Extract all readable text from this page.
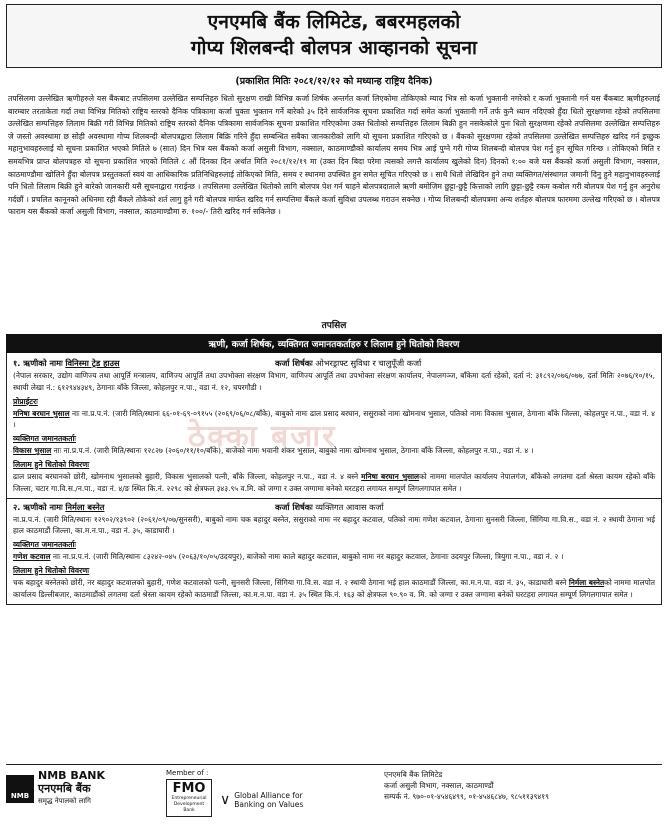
एनएमबि बैंक लिमिटेड, बबरमहलको
गोप्य शिलबन्दी बोलपत्र आव्हानको सूचना
(प्रकाशित मितिः २०८१/१२/१२ को मध्यान्ह राष्ट्रिय दैनिक)
तपसिलमा उल्लेखित ऋणीहरुले यस बैंकबाट तपसिलमा उल्लेखित सम्पत्तिहरु धितो सुरक्षण राखी विभिन्न कर्जा शिर्षक अन्तर्गत कर्जा लिएकोमा तोकिएको म्याद भित्र सो कर्जा भुक्तानी नगरेको र कर्जा भुक्तानी गर्न यस बैंकबाट ऋणीहरुलाई बारम्बार तरताकेता गर्दा तथा विभिन्न मितिको राष्ट्रिय स्तरको दैनिक पत्रिकामा कर्जा चुक्ता भुक्तान गर्ने बारेको ३५ दिने सार्वजनिक सूचना प्रकाशित गर्दा समेत कर्जा भुक्तानी गर्ने तर्फ कुनै ध्यान नदिएको हुँदा धितो सुरक्षणमा रहेको तपसिलमा उल्लेखित सम्पत्तिहरु लिलाम बिक्री गरी विभिन्न मितिको राष्ट्रिय स्तरको दैनिक पत्रिकामा सार्वजनिक सूचना प्रकाशित गरिएकोमा उक्त धितोको सम्पत्तिहरु लिलाम बिक्री हुन नसकेकोले पुनः धितो सुरक्षणमा रहेको तपसिलमा उल्लेखित सम्पत्तिहरु जे जस्तो अवस्थामा छ सोही अवस्थामा गोप्य शिलबन्दी बोलपत्रद्वारा लिलाम बिक्रि गरिने हुँदा सम्बन्धित सबैका जानकारीको लागि यो सूचना प्रकाशित गरिएको छ । बैंकको सुरक्षणमा रहेको तपसिलमा उल्लेखित सम्पत्तिहरु खरिद गर्न इच्छुक महानुभावहरुलाई यो सूचना प्रकाशित भएको मितिले ७ (सात) दिन भित्र यस बैंकको कर्जा असुली विभाग, नक्साल, काठमाण्डौको कार्यालय समय भित्र आई पुग्ने गरी गोप्य शिलबन्दी बोलपत्र पेश गर्नु हुन सूचित गरिन्छ । तोकिएको मिति र समयभित्र प्राप्त बोलपत्रहरु यो सूचना प्रकाशित भएको मितिले ८ औं दिनका दिन अर्थात मिति २०८१/१२/१९ मा (उक्त दिन बिदा परेमा त्यसको लगत्तै कार्यालय खुलेको दिन) दिनको १:०० बजे यस बैंकको कर्जा असुली विभाग, नक्साल, काठमाण्डौमा खोलिने हुँदा बोलपत्र प्रस्तुतकर्ता स्वयं वा आधिकारिक प्रतिनिधिहरुलाई तोकिएको मिति, समय र स्थानमा उपस्थित हुन समेत सूचित गरिएको छ । साथै धितो लेखिदिन हुने तथा व्यक्तिगत/संस्थागत जमानी दिनु हुने महानुभावहरुलाई पनि धितो लिलाम बिक्री हुने बारेको जानकारी यसै सूचनाद्वारा गराईन्छ । तपसिलमा उल्लेखित धितोको लागि बोलपत्र पेश गर्न चाहने बोलपत्रदाताले ऋणी बमोजिम छुट्टा-छुट्टै कित्ताको लागि छुट्टा-छुट्टै रकम कबोल गरी बोलपत्र पेश गर्नु हुन अनुरोध गर्दछौं । प्रचलित कानूनको अधिनमा रही बैंकले तोकेको शर्त लागु हुने गरी बोलपत्र मार्फत खरिद गर्न सम्पत्तिमा बैंकले कर्जा सुविधा उपलब्ध गराउन सक्नेछ । गोप्य शिलबन्दी बोलपत्रमा अन्य शर्तहरु बोलपत्र फारममा उल्लेख गरिएको छ । बोलपत्र फाराम यस बैंकको कर्जा असुली विभाग, नक्साल, काठमाण्डौमा रु. १००/- तिरी खरिद गर्न सकिनेछ ।
तपसिल
ऋणी, कर्जा शिर्षक, व्यक्तिगत जमानतकर्ताहरु र लिलाम हुने धितोको विवरण
१. ऋणीको नामः विनिस्मा ट्रेड हाउस	कर्जा शिर्षकः ओभरड्राफ्ट सुविधा र चालुपूँजी कर्जा

(नेपाल सरकार, उद्योग वाणिज्य तथा आपूर्ति मन्त्रालय, वाणिज्य आपूर्ति तथा उपभोक्ता संरक्षण विभाग, वाणिज्य आपूर्ति तथा उपभोक्ता संरक्षण कार्यालय, नेपालगञ्ज, बाँकेमा दर्ता रहेको, दर्ता नं: ३१८९२/०७६/०७७, दर्ता मितिः २०७६/१०/१५, स्थायी लेखा नं.: ६१२९४४३४९, ठेगानाः बाँके जिल्ला, कोहलपुर न.पा., वडा नं. १२, चपरगौडी ।

प्रोप्राईटरः

मनिषा बरघान भुसाल नाः ना.प्र.प.नं. (जारी मिति/स्थानः ६६-०१-६९-०९१५५ (२०६९/०६/०८/बाँके), बाबुको नामः ढाल प्रसाद बरघान, ससुराको नामः खोमनाथ भुसाल, पतिको नामः विकास भुसाल, ठेगानाः बाँके जिल्ला, कोहलपुर न.पा., वडा नं. ४ ।

व्यक्तिगत जमानतकर्ताः

विकास भुसाल नाः ना.प्र.प.नं. (जारी मिति/स्थानः १२८२७ (२०६०/११/१०/बाँके), बाजेको नामः भवानी शंकर भुसाल, बाबुको नामः खोमनाथ भुसाल, ठेगानाः बाँके जिल्ला, कोहलपुर न.पा., वडा नं. ४ ।

लिलाम हुने धितोको विवरणः

ढाल प्रसाद बरघानको छोरी, खोमनाथ भुसालको बुहारी, विकास भुसालको पत्नी, बाँके जिल्ला, कोहलपुर न.पा., वडा नं. ४ बस्ने मनिषा बरघान भुसालको नाममा मालपोत कार्यालय नेपालगंज, बाँकेको लगतमा दर्ता श्रेस्ता कायम रहेको बाँके जिल्ला, चटार गा.वि.स./न.पा., वडा नं. ४/ङ स्थित कि.नं. २२९८ को क्षेत्रफल ३४३.९५ व.मि. को जग्गा र उक्त जग्गामा बनेको घरटहरा लगायत सम्पूर्ण लिगलगापात समेत ।

२. ऋणीको नामः निर्मला बस्नेत	कर्जा शिर्षकः व्यक्तिगत आवास कर्जा

ना.प्र.प.नं. (जारी मिति/स्थानः १२९०२/१३९०२ (२०६१/०९/०७/सुनसरी), बाबुको नामः चक बहादुर बस्नेत, ससुराको नामः नर बहादुर कटवाल, पतिको नामः गणेश कटवाल, ठेगानाः सुनसरी जिल्ला, सिंगिया गा.वि.स., वडा नं. २ स्थायी ठेगाना भई हाल काठमाडौं जिल्ला, का.म.न.पा., वडा नं. ३५, काडाघारी ।

व्यक्तिगत जमानतकर्ताः

गणेश कटवाल नाः ना.प्र.प.नं. (जारी मिति/स्थानः ८३२४२-०४५ (२०६३/१०/०५/उदयपुर), बाजेको नामः काले बहादुर कटवाल, बाबुको नामः नर बहादुर कटवाल, ठेगानाः उदयपुर जिल्ला, त्रियुगा न.पा., वडा नं. २ ।

लिलाम हुने धितोको विवरणः

चक बहादुर बस्नेतको छोरी, नर बहादुर कटवालको बुहारी, गणेश कटवालको पत्नी, सुनसरी जिल्ला, सिंगिया गा.वि.स. वडा नं. २ स्थायी ठेगाना भई हाल काठमाडौं जिल्ला, का.म.न.पा. वडा नं. ३५, काडाघारी बस्ने निर्मला बस्नेतको नाममा मालपोत कार्यालय डिल्लीबजार, काठमाडौंको लगतमा दर्ता श्रेस्ता कायम रहेको काठमाडौं जिल्ला, का.म.न.पा. वडा नं. ३५ स्थित कि.नं. १६३ को क्षेत्रफल ९०.९० व. मि. को जग्गा र उक्त जग्गामा बनेको घरटहरा लगायत सम्पूर्ण लिगलगापात समेत ।

ठेक्का बजार
NMB
NMB BANK
एनएमबि बैंक
समृद्ध नेपालको लागि
Member of :
FMO
Entrepreneurial Development Bank
∨ Global Alliance for
Banking on Values
एनएमबि बैंक लिमिटेड
कर्जा असुली विभाग, नक्साल, काठमाण्डौं
सम्पर्क नं. ९७०-०१-४५४६४९९, ०१-४५४६८४७, ९८५११३९४१९
